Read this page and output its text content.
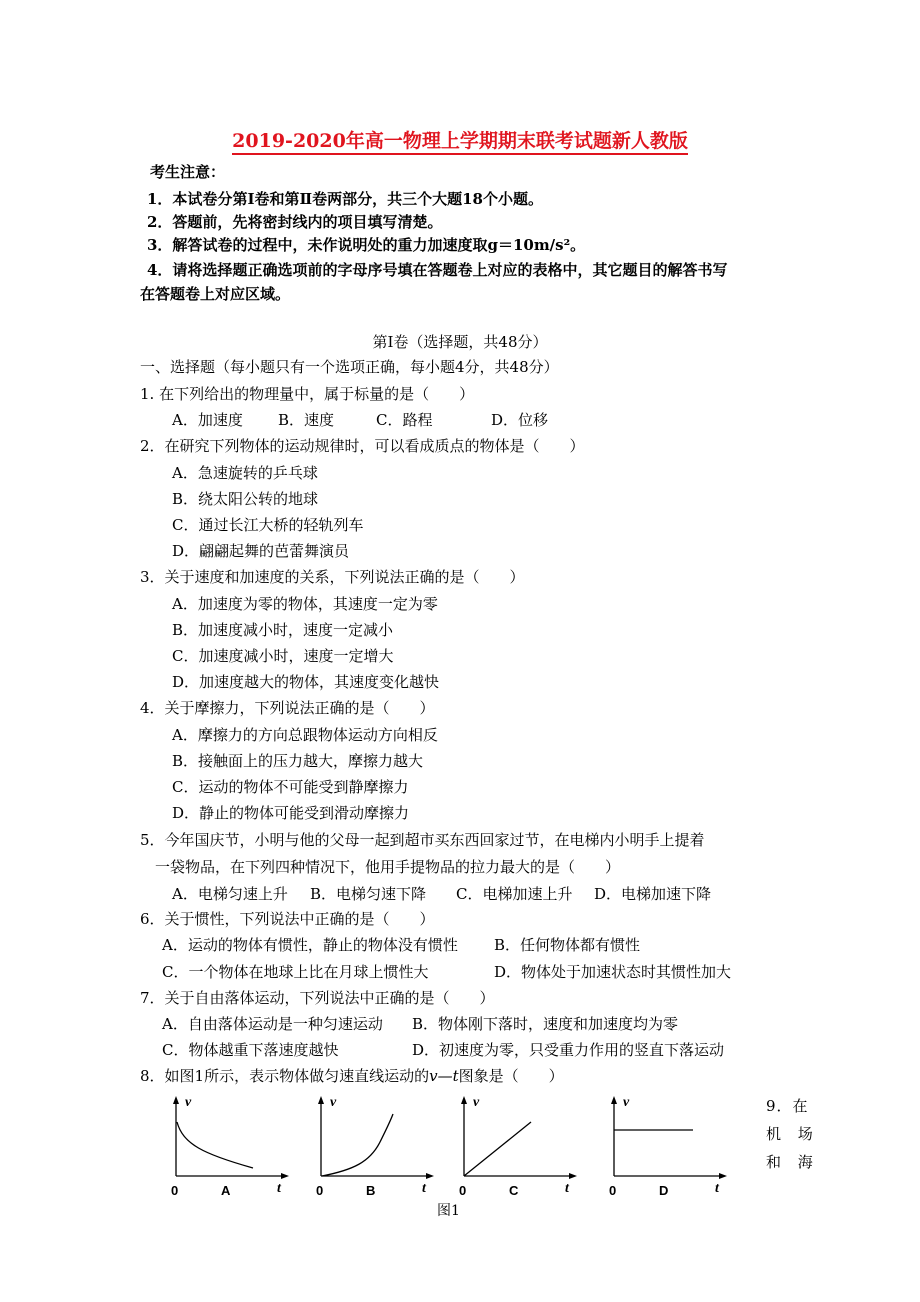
2019-2020年高一物理上学期期末联考试题新人教版
考生注意：
1．本试卷分第Ⅰ卷和第Ⅱ卷两部分，共三个大题18个小题。
2．答题前，先将密封线内的项目填写清楚。
3．解答试卷的过程中，未作说明处的重力加速度取g＝10m/s²。
4．请将选择题正确选项前的字母序号填在答题卷上对应的表格中，其它题目的解答书写
在答题卷上对应区域。
第Ⅰ卷（选择题，共48分）
一、选择题（每小题只有一个选项正确，每小题4分，共48分）
1. 在下列给出的物理量中，属于标量的是（　　）
A．加速度 B．速度	C．路程	D．位移
2．在研究下列物体的运动规律时，可以看成质点的物体是（　　）
A．急速旋转的乒乓球
B．绕太阳公转的地球
C．通过长江大桥的轻轨列车
D．翩翩起舞的芭蕾舞演员
3．关于速度和加速度的关系，下列说法正确的是（　　）
A．加速度为零的物体，其速度一定为零
B．加速度减小时，速度一定减小
C．加速度减小时，速度一定增大
D．加速度越大的物体，其速度变化越快
4．关于摩擦力，下列说法正确的是（　　）
A．摩擦力的方向总跟物体运动方向相反
B．接触面上的压力越大，摩擦力越大
C．运动的物体不可能受到静摩擦力
D．静止的物体可能受到滑动摩擦力
5．今年国庆节，小明与他的父母一起到超市买东西回家过节，在电梯内小明手上提着
一袋物品，在下列四种情况下，他用手提物品的拉力最大的是（　　）
A．电梯匀速上升 B．电梯匀速下降 C．电梯加速上升 D．电梯加速下降
6．关于惯性，下列说法中正确的是（　　）
A．运动的物体有惯性，静止的物体没有惯性 B．任何物体都有惯性
C．一个物体在地球上比在月球上惯性大	D．物体处于加速状态时其惯性加大
7．关于自由落体运动，下列说法中正确的是（　　）
A．自由落体运动是一种匀速运动 B．物体刚下落时，速度和加速度均为零
C．物体越重下落速度越快	D．初速度为零，只受重力作用的竖直下落运动
8．如图1所示，表示物体做匀速直线运动的v—t图象是（　　）
v
t
0	A
v
t
0	B
v
t
0	C
v
t
0	D
图1
9．在
机 场
和 海
